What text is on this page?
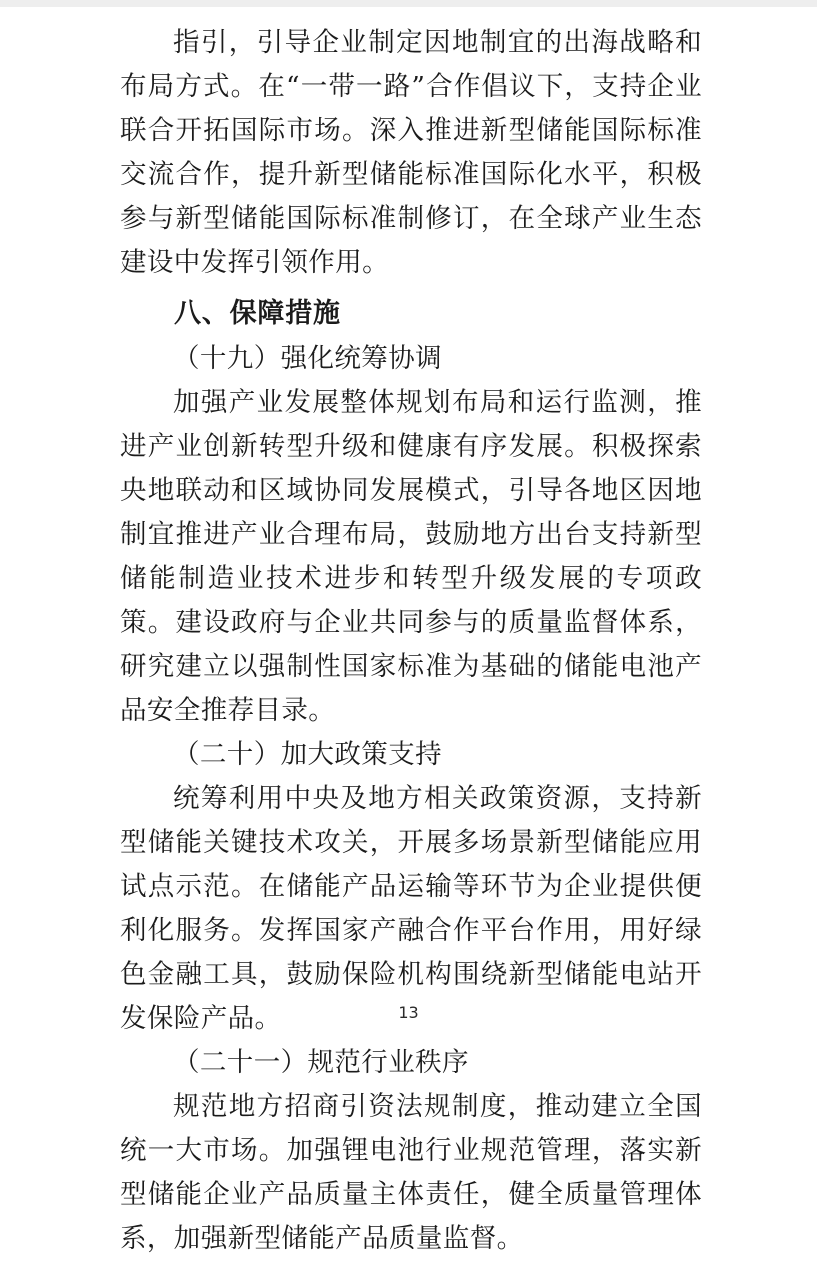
指引，引导企业制定因地制宜的出海战略和布局方式。在“一带一路”合作倡议下，支持企业联合开拓国际市场。深入推进新型储能国际标准交流合作，提升新型储能标准国际化水平，积极参与新型储能国际标准制修订，在全球产业生态建设中发挥引领作用。

八、保障措施

（十九）强化统筹协调

加强产业发展整体规划布局和运行监测，推进产业创新转型升级和健康有序发展。积极探索央地联动和区域协同发展模式，引导各地区因地制宜推进产业合理布局，鼓励地方出台支持新型储能制造业技术进步和转型升级发展的专项政策。建设政府与企业共同参与的质量监督体系，研究建立以强制性国家标准为基础的储能电池产品安全推荐目录。

（二十）加大政策支持

统筹利用中央及地方相关政策资源，支持新型储能关键技术攻关，开展多场景新型储能应用试点示范。在储能产品运输等环节为企业提供便利化服务。发挥国家产融合作平台作用，用好绿色金融工具，鼓励保险机构围绕新型储能电站开发保险产品。

（二十一）规范行业秩序

规范地方招商引资法规制度，推动建立全国统一大市场。加强锂电池行业规范管理，落实新型储能企业产品质量主体责任，健全质量管理体系，加强新型储能产品质量监督。

13
